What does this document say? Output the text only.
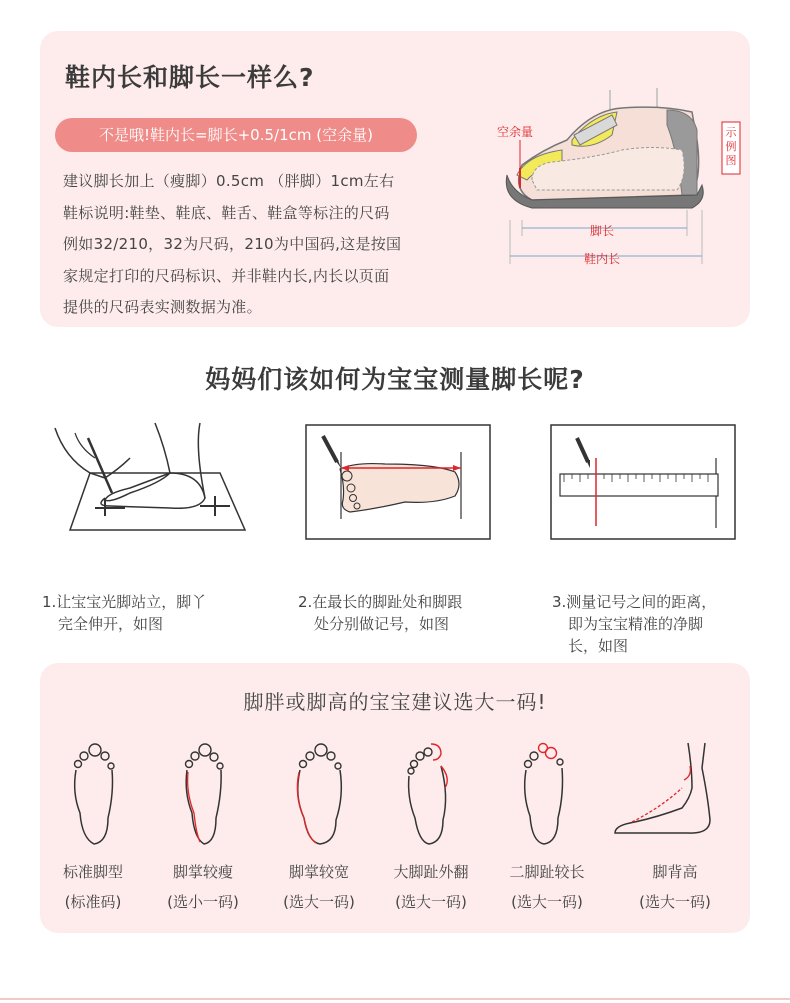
鞋内长和脚长一样么?
不是哦!鞋内长=脚长+0.5/1cm (空余量)
建议脚长加上（瘦脚）0.5cm （胖脚）1cm左右
鞋标说明:鞋垫、鞋底、鞋舌、鞋盒等标注的尺码
例如32/210，32为尺码，210为中国码,这是按国
家规定打印的尺码标识、并非鞋内长,内长以页面
提供的尺码表实测数据为准。
空余量
脚长
鞋内长
示例图
妈妈们该如何为宝宝测量脚长呢?
1.让宝宝光脚站立，脚丫
完全伸开，如图
2.在最长的脚趾处和脚跟
处分别做记号，如图
3.测量记号之间的距离，
即为宝宝精准的净脚
长，如图
脚胖或脚高的宝宝建议选大一码!
标准脚型
(标准码)
脚掌较瘦
(选小一码)
脚掌较宽
(选大一码)
大脚趾外翻
(选大一码)
二脚趾较长
(选大一码)
脚背高
(选大一码)
